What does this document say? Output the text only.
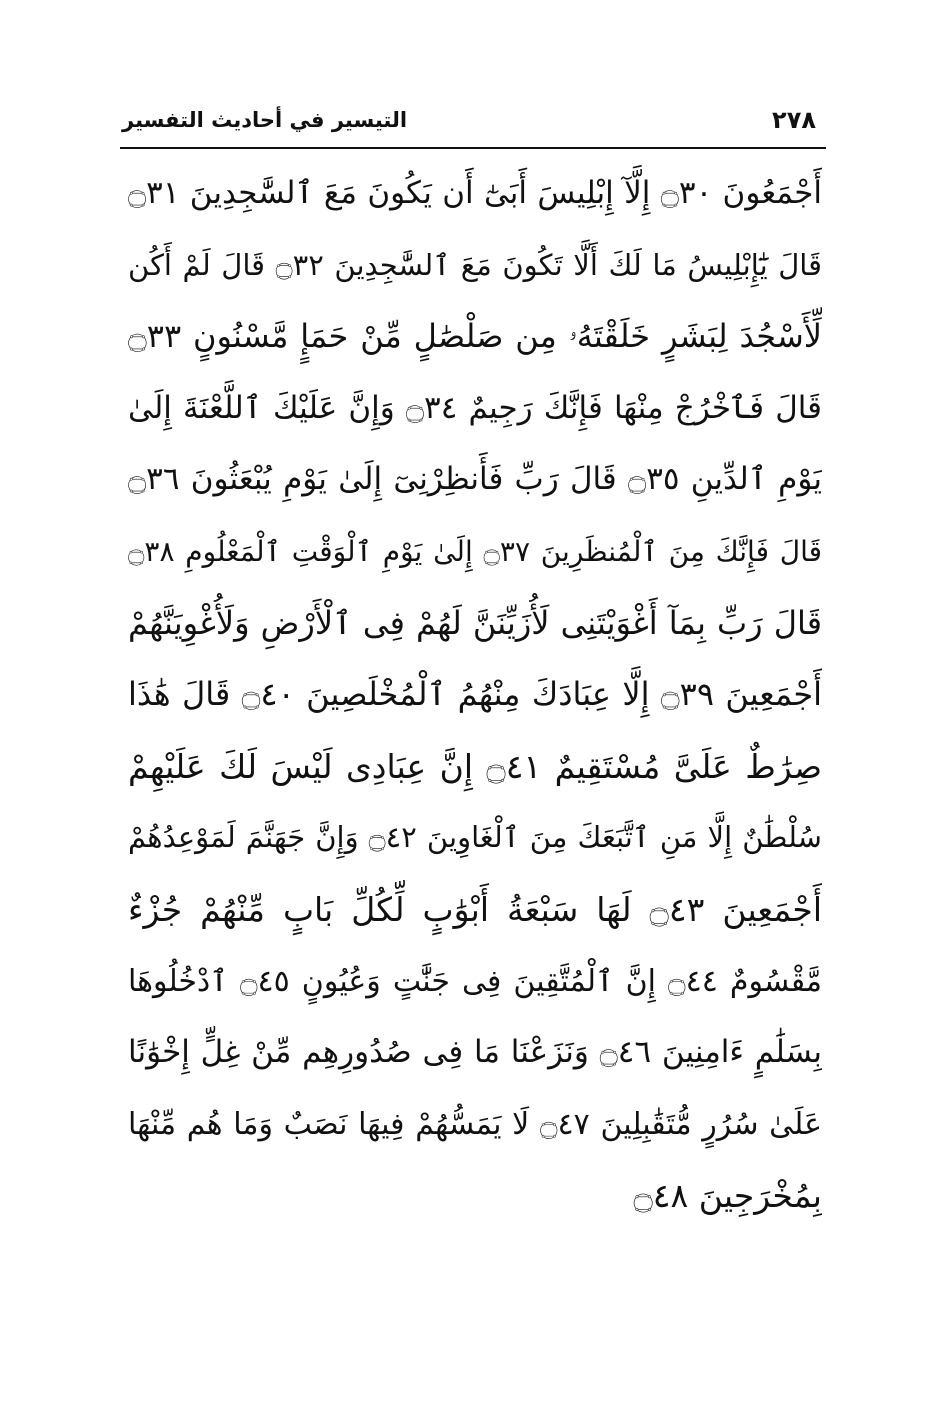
التيسير في أحاديث التفسير	٢٧٨
أَجْمَعُونَ ۝٣٠ إِلَّآ إِبْلِيسَ أَبَىٰٓ أَن يَكُونَ مَعَ ٱلسَّٰجِدِينَ ۝٣١
قَالَ يَٰٓإِبْلِيسُ مَا لَكَ أَلَّا تَكُونَ مَعَ ٱلسَّٰجِدِينَ ۝٣٢ قَالَ لَمْ أَكُن
لِّأَسْجُدَ لِبَشَرٍ خَلَقْتَهُۥ مِن صَلْصَٰلٍ مِّنْ حَمَإٍ مَّسْنُونٍ ۝٣٣
قَالَ فَٱخْرُجْ مِنْهَا فَإِنَّكَ رَجِيمٌ ۝٣٤ وَإِنَّ عَلَيْكَ ٱللَّعْنَةَ إِلَىٰ
يَوْمِ ٱلدِّينِ ۝٣٥ قَالَ رَبِّ فَأَنظِرْنِىٓ إِلَىٰ يَوْمِ يُبْعَثُونَ ۝٣٦
قَالَ فَإِنَّكَ مِنَ ٱلْمُنظَرِينَ ۝٣٧ إِلَىٰ يَوْمِ ٱلْوَقْتِ ٱلْمَعْلُومِ ۝٣٨
قَالَ رَبِّ بِمَآ أَغْوَيْتَنِى لَأُزَيِّنَنَّ لَهُمْ فِى ٱلْأَرْضِ وَلَأُغْوِيَنَّهُمْ
أَجْمَعِينَ ۝٣٩ إِلَّا عِبَادَكَ مِنْهُمُ ٱلْمُخْلَصِينَ ۝٤٠ قَالَ هَٰذَا
صِرَٰطٌ عَلَىَّ مُسْتَقِيمٌ ۝٤١ إِنَّ عِبَادِى لَيْسَ لَكَ عَلَيْهِمْ
سُلْطَٰنٌ إِلَّا مَنِ ٱتَّبَعَكَ مِنَ ٱلْغَاوِينَ ۝٤٢ وَإِنَّ جَهَنَّمَ لَمَوْعِدُهُمْ
أَجْمَعِينَ ۝٤٣ لَهَا سَبْعَةُ أَبْوَٰبٍ لِّكُلِّ بَابٍ مِّنْهُمْ جُزْءٌ
مَّقْسُومٌ ۝٤٤ إِنَّ ٱلْمُتَّقِينَ فِى جَنَّٰتٍ وَعُيُونٍ ۝٤٥ ٱدْخُلُوهَا
بِسَلَٰمٍ ءَامِنِينَ ۝٤٦ وَنَزَعْنَا مَا فِى صُدُورِهِم مِّنْ غِلٍّ إِخْوَٰنًا
عَلَىٰ سُرُرٍ مُّتَقَٰبِلِينَ ۝٤٧ لَا يَمَسُّهُمْ فِيهَا نَصَبٌ وَمَا هُم مِّنْهَا
بِمُخْرَجِينَ ۝٤٨
